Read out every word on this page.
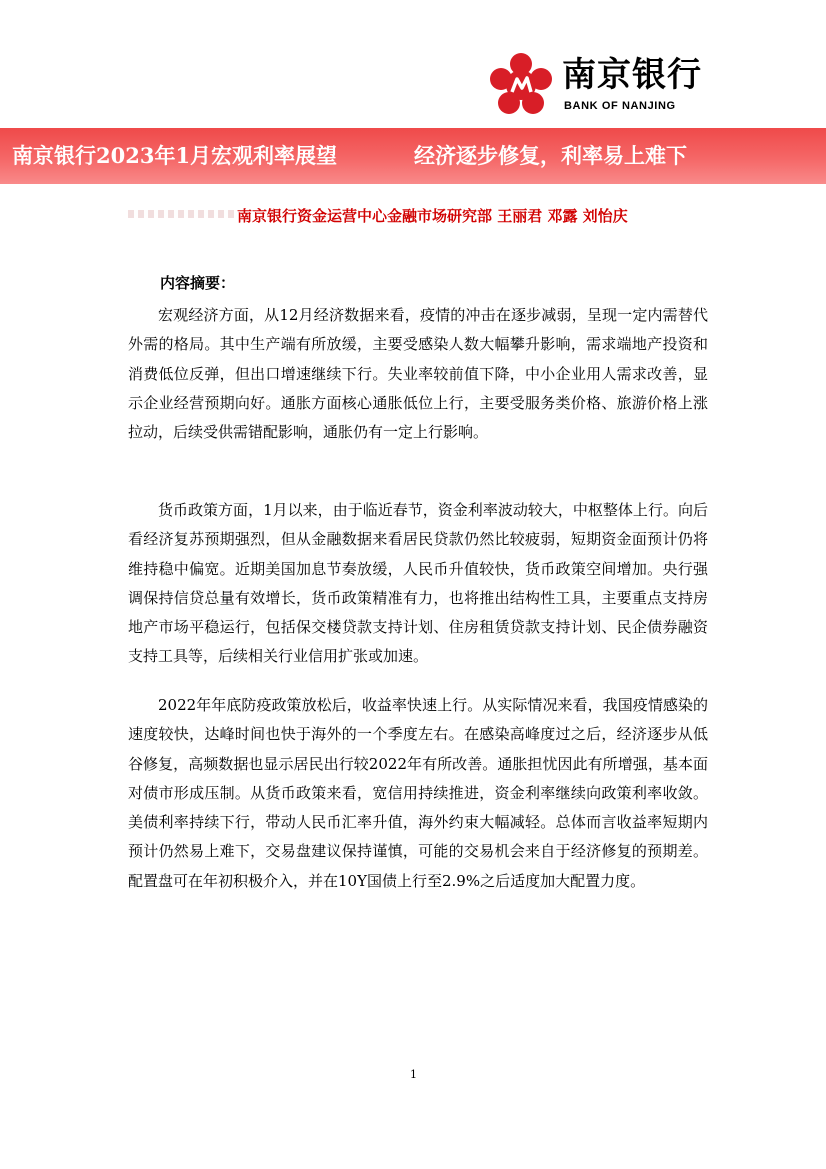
南京银行
BANK OF NANJING
南京银行2023年1月宏观利率展望	经济逐步修复，利率易上难下
南京银行资金运营中心金融市场研究部 王丽君 邓露 刘怡庆
内容摘要：

宏观经济方面，从12月经济数据来看，疫情的冲击在逐步减弱，呈现一定内需替代外需的格局。其中生产端有所放缓，主要受感染人数大幅攀升影响，需求端地产投资和消费低位反弹，但出口增速继续下行。失业率较前值下降，中小企业用人需求改善，显示企业经营预期向好。通胀方面核心通胀低位上行，主要受服务类价格、旅游价格上涨拉动，后续受供需错配影响，通胀仍有一定上行影响。

货币政策方面，1月以来，由于临近春节，资金利率波动较大，中枢整体上行。向后看经济复苏预期强烈，但从金融数据来看居民贷款仍然比较疲弱，短期资金面预计仍将维持稳中偏宽。近期美国加息节奏放缓，人民币升值较快，货币政策空间增加。央行强调保持信贷总量有效增长，货币政策精准有力，也将推出结构性工具，主要重点支持房地产市场平稳运行，包括保交楼贷款支持计划、住房租赁贷款支持计划、民企债券融资支持工具等，后续相关行业信用扩张或加速。

2022年年底防疫政策放松后，收益率快速上行。从实际情况来看，我国疫情感染的速度较快，达峰时间也快于海外的一个季度左右。在感染高峰度过之后，经济逐步从低谷修复，高频数据也显示居民出行较2022年有所改善。通胀担忧因此有所增强，基本面对债市形成压制。从货币政策来看，宽信用持续推进，资金利率继续向政策利率收敛。美债利率持续下行，带动人民币汇率升值，海外约束大幅减轻。总体而言收益率短期内预计仍然易上难下，交易盘建议保持谨慎，可能的交易机会来自于经济修复的预期差。配置盘可在年初积极介入，并在10Y国债上行至2.9%之后适度加大配置力度。

1
